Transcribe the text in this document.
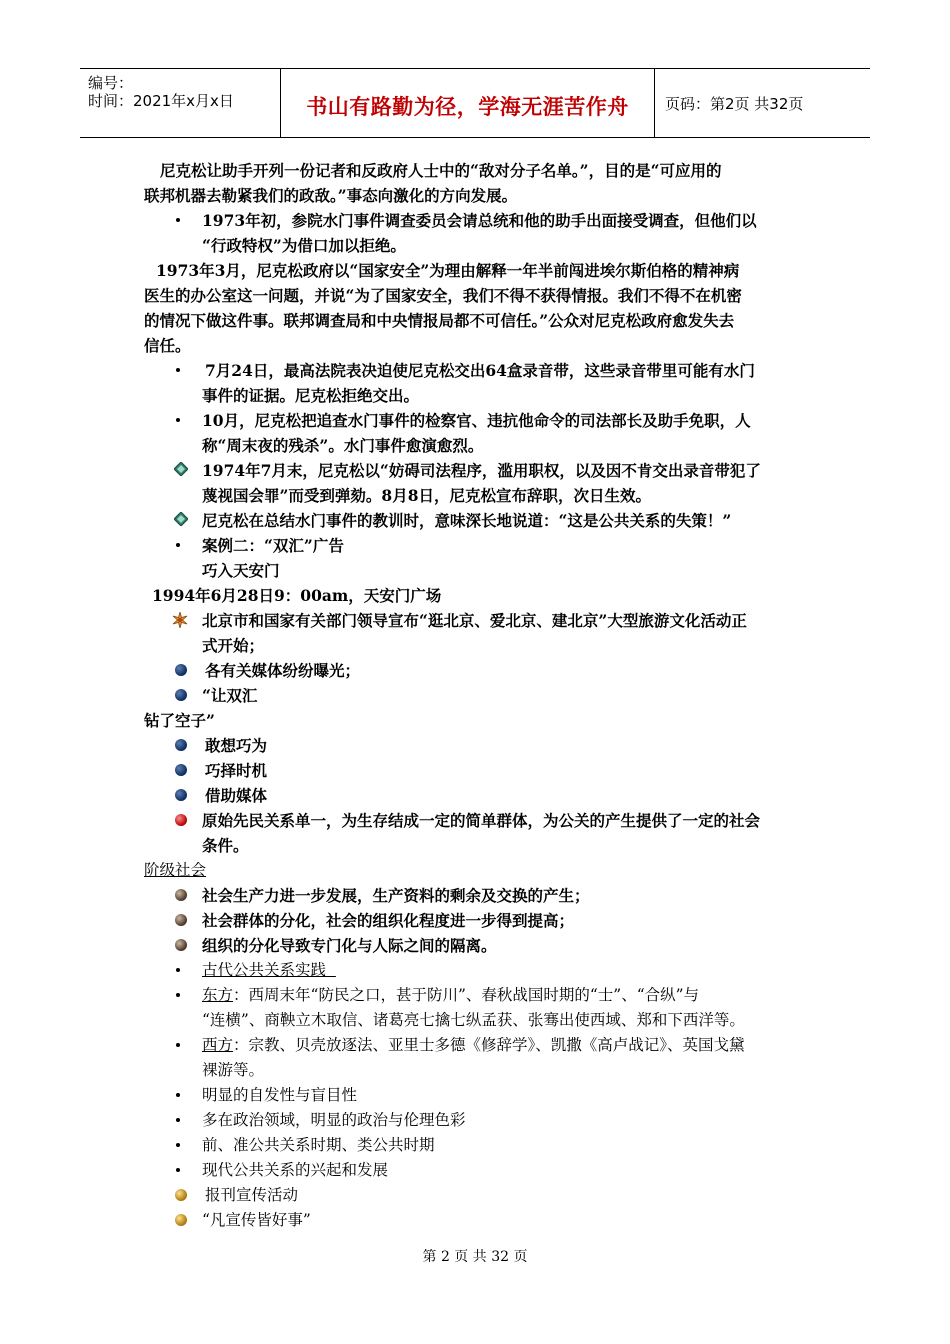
编号：
时间：2021年x月x日	书山有路勤为径，学海无涯苦作舟	页码：第2页 共32页
尼克松让助手开列一份记者和反政府人士中的“敌对分子名单。”，目的是“可应用的
联邦机器去勒紧我们的政敌。”事态向激化的方向发展。
1973年初，参院水门事件调查委员会请总统和他的助手出面接受调查，但他们以
“行政特权”为借口加以拒绝。
1973年3月，尼克松政府以“国家安全”为理由解释一年半前闯进埃尔斯伯格的精神病
医生的办公室这一问题，并说“为了国家安全，我们不得不获得情报。我们不得不在机密
的情况下做这件事。联邦调查局和中央情报局都不可信任。”公众对尼克松政府愈发失去
信任。
7月24日，最高法院表决迫使尼克松交出64盒录音带，这些录音带里可能有水门
事件的证据。尼克松拒绝交出。
10月，尼克松把追查水门事件的检察官、违抗他命令的司法部长及助手免职，人
称“周末夜的残杀”。水门事件愈演愈烈。
1974年7月末，尼克松以“妨碍司法程序，滥用职权，以及因不肯交出录音带犯了
蔑视国会罪”而受到弹劾。8月8日，尼克松宣布辞职，次日生效。
尼克松在总结水门事件的教训时，意味深长地说道：“这是公共关系的失策！”
案例二：“双汇”广告
巧入天安门
1994年6月28日9：00am，天安门广场
北京市和国家有关部门领导宣布“逛北京、爱北京、建北京”大型旅游文化活动正
式开始；
各有关媒体纷纷曝光；
“让双汇
钻了空子”
敢想巧为
巧择时机
借助媒体
原始先民关系单一，为生存结成一定的简单群体，为公关的产生提供了一定的社会
条件。
阶级社会
社会生产力进一步发展，生产资料的剩余及交换的产生；
社会群体的分化，社会的组织化程度进一步得到提高；
组织的分化导致专门化与人际之间的隔离。
古代公共关系实践
东方：西周末年“防民之口，甚于防川”、春秋战国时期的“士”、“合纵”与
“连横”、商鞅立木取信、诸葛亮七擒七纵孟获、张骞出使西域、郑和下西洋等。
西方：宗教、贝壳放逐法、亚里士多德《修辞学》、凯撒《高卢战记》、英国戈黛
裸游等。
明显的自发性与盲目性
多在政治领域，明显的政治与伦理色彩
前、准公共关系时期、类公共时期
现代公共关系的兴起和发展
报刊宣传活动
“凡宣传皆好事”
第 2 页 共 32 页
